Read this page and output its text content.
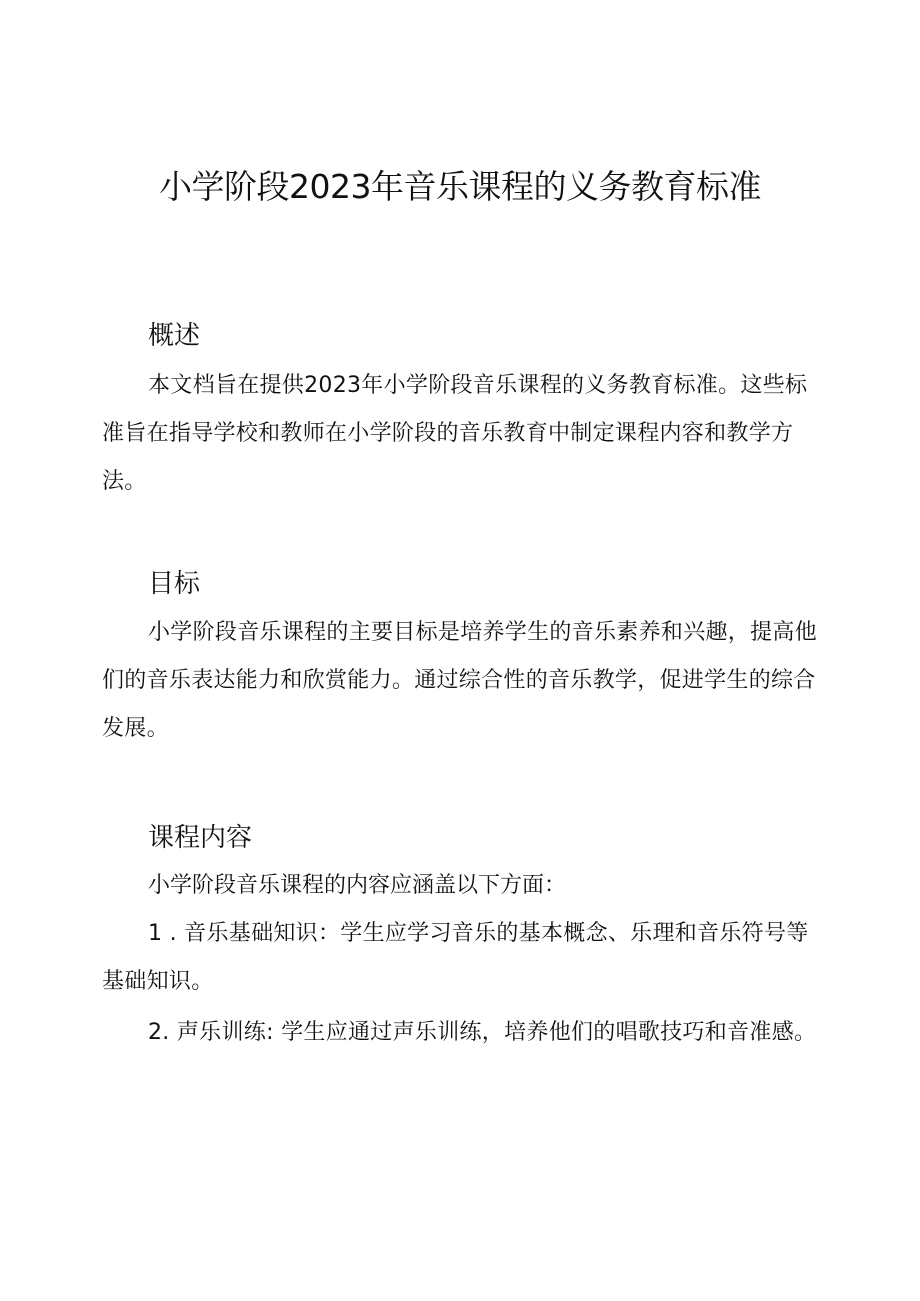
小学阶段2023年音乐课程的义务教育标准
概述

本文档旨在提供2023年小学阶段音乐课程的义务教育标准。这些标准旨在指导学校和教师在小学阶段的音乐教育中制定课程内容和教学方法。

目标

小学阶段音乐课程的主要目标是培养学生的音乐素养和兴趣，提高他们的音乐表达能力和欣赏能力。通过综合性的音乐教学，促进学生的综合发展。

课程内容

小学阶段音乐课程的内容应涵盖以下方面：

1 . 音乐基础知识：学生应学习音乐的基本概念、乐理和音乐符号等基础知识。

2. 声乐训练: 学生应通过声乐训练，培养他们的唱歌技巧和音准感。
